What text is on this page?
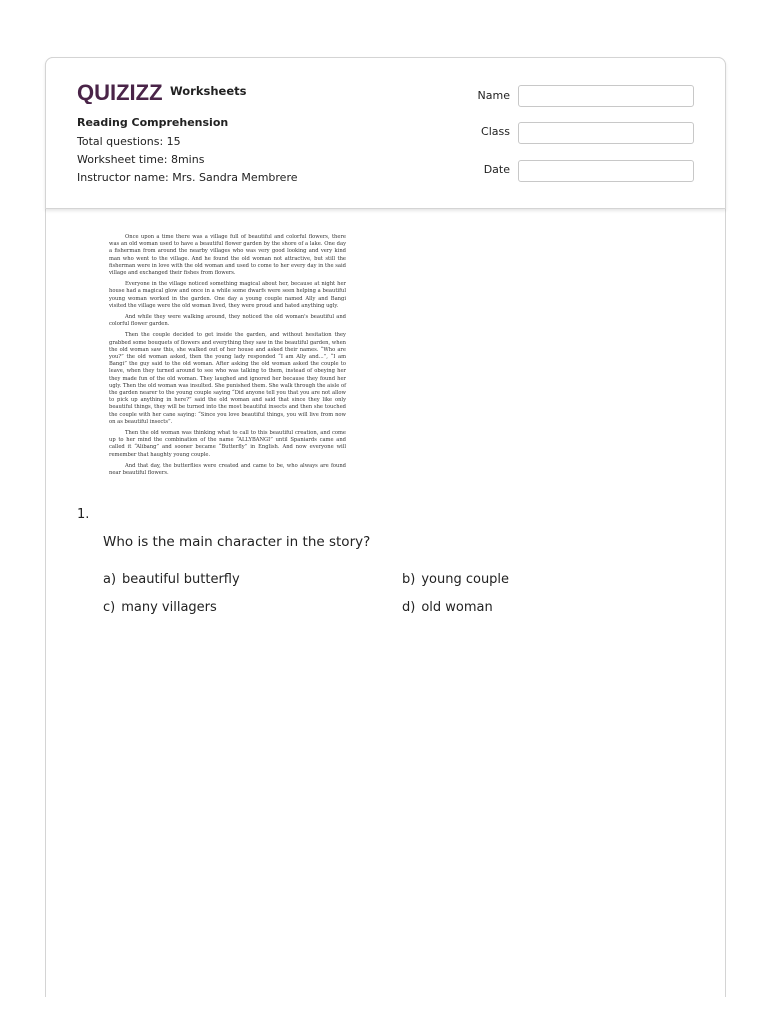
QUIZIZZ Worksheets
Reading Comprehension
Total questions: 15
Worksheet time: 8mins
Instructor name: Mrs. Sandra Membrere
Name
Class
Date

Once upon a time there was a village full of beautiful and colorful flowers, there was an old woman used to have a beautiful flower garden by the shore of a lake. One day a fisherman from around the nearby villages who was very good looking and very kind man who went to the village. And he found the old woman not attractive, but still the fisherman were in love with the old woman and used to come to her every day in the said village and exchanged their fishes from flowers.

Everyone in the village noticed something magical about her, because at night her house had a magical glow and once in a while some dwarfs were seen helping a beautiful young woman worked in the garden. One day a young couple named Ally and Bangi visited the village were the old woman lived, they were proud and hated anything ugly.

And while they were walking around, they noticed the old woman's beautiful and colorful flower garden.

Then the couple decided to get inside the garden, and without hesitation they grabbed some bouquets of flowers and everything they saw in the beautiful garden, when the old woman saw this, she walked out of her house and asked their names. “Who are you?” the old woman asked, then the young lady responded “I am Ally and...”, “I am Bangi” the guy said to the old woman. After asking the old woman asked the couple to leave, when they turned around to see who was talking to them, instead of obeying her they made fun of the old woman. They laughed and ignored her because they found her ugly. Then the old woman was insulted. She punished them. She walk through the aisle of the garden nearer to the young couple saying “Did anyone tell you that you are not allow to pick up anything in here?” said the old woman and said that since they like only beautiful things, they will be turned into the most beautiful insects and then she touched the couple with her cane saying: “Since you love beautiful things, you will live from now on as beautiful insects”.

Then the old woman was thinking what to call to this beautiful creation, and come up to her mind the combination of the name “ALLYBANGI” until Spaniards came and called it “Alibang” and sooner became “Butterfly” in English. And now everyone will remember that haughty young couple.

And that day, the butterflies were created and came to be, who always are found near beautiful flowers.

1.
Who is the main character in the story?
a) beautiful butterfly	b) young couple
c) many villagers	d) old woman
